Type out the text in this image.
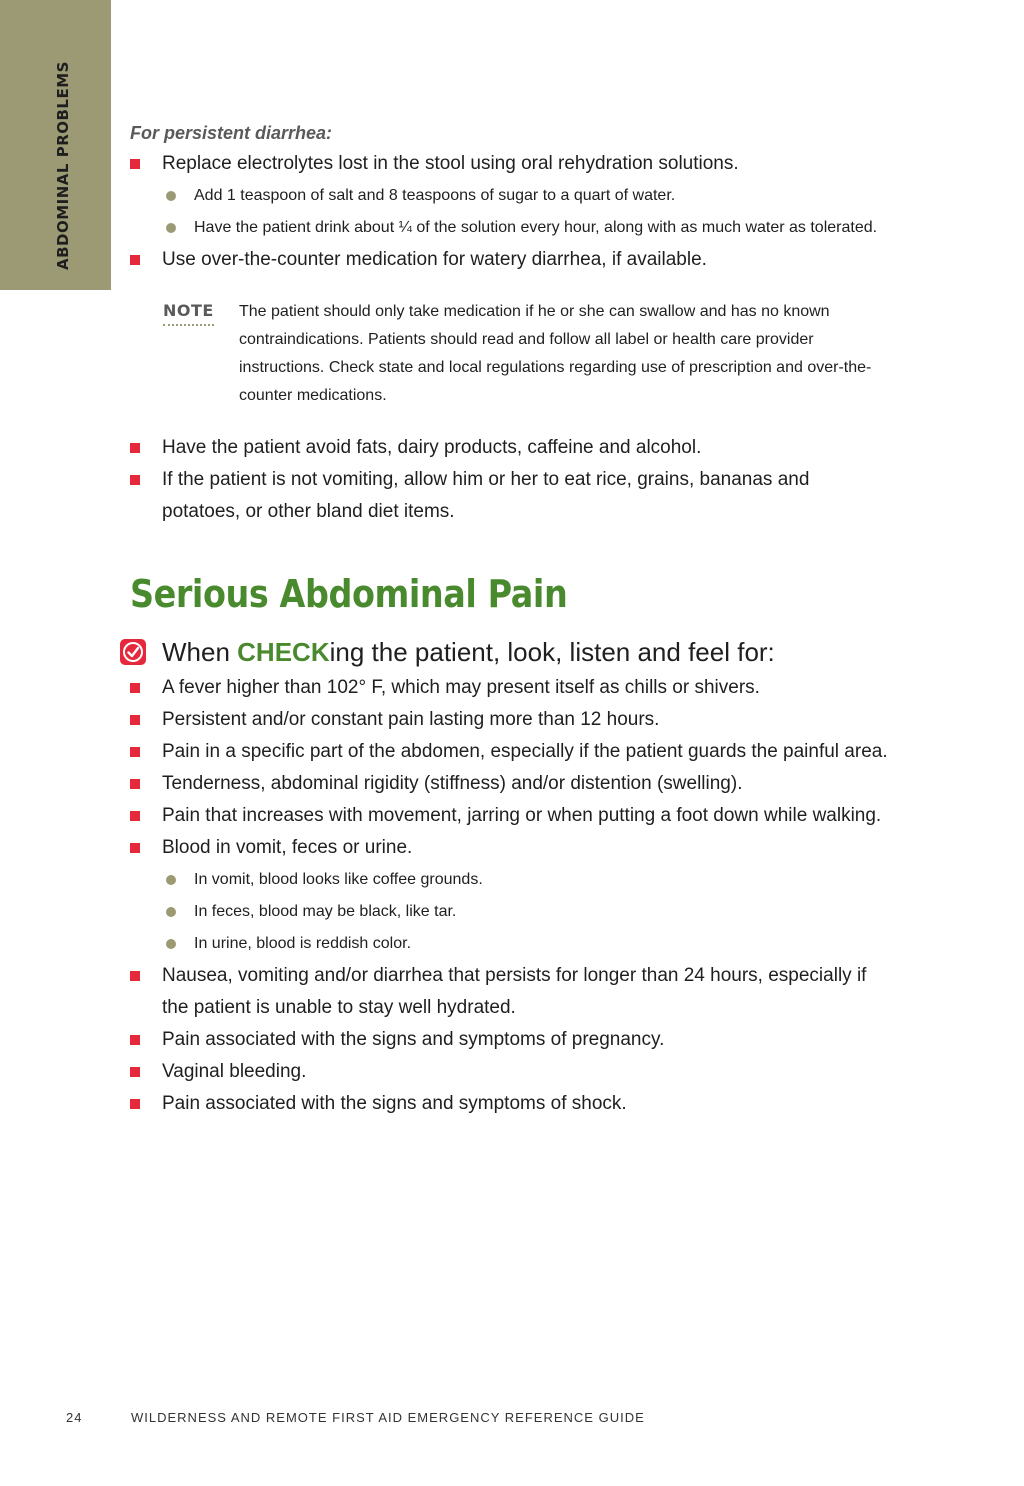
ABDOMINAL PROBLEMS	For persistent diarrhea:

Replace electrolytes lost in the stool using oral rehydration solutions.
Add 1 teaspoon of salt and 8 teaspoons of sugar to a quart of water.
Have the patient drink about ¼ of the solution every hour, along with as much water as tolerated.
Use over-the-counter medication for watery diarrhea, if available.
NOTE The patient should only take medication if he or she can swallow and has no known contraindications. Patients should read and follow all label or health care provider instructions. Check state and local regulations regarding use of prescription and over-the-counter medications.

Have the patient avoid fats, dairy products, caffeine and alcohol.
If the patient is not vomiting, allow him or her to eat rice, grains, bananas and potatoes, or other bland diet items.
Serious Abdominal Pain
When CHECKing the patient, look, listen and feel for:
A fever higher than 102° F, which may present itself as chills or shivers.
Persistent and/or constant pain lasting more than 12 hours.
Pain in a specific part of the abdomen, especially if the patient guards the painful area.
Tenderness, abdominal rigidity (stiffness) and/or distention (swelling).
Pain that increases with movement, jarring or when putting a foot down while walking.
Blood in vomit, feces or urine.
In vomit, blood looks like coffee grounds.
In feces, blood may be black, like tar.
In urine, blood is reddish color.
Nausea, vomiting and/or diarrhea that persists for longer than 24 hours, especially if the patient is unable to stay well hydrated.
Pain associated with the signs and symptoms of pregnancy.
Vaginal bleeding.
Pain associated with the signs and symptoms of shock.
24	WILDERNESS AND REMOTE FIRST AID EMERGENCY REFERENCE GUIDE
